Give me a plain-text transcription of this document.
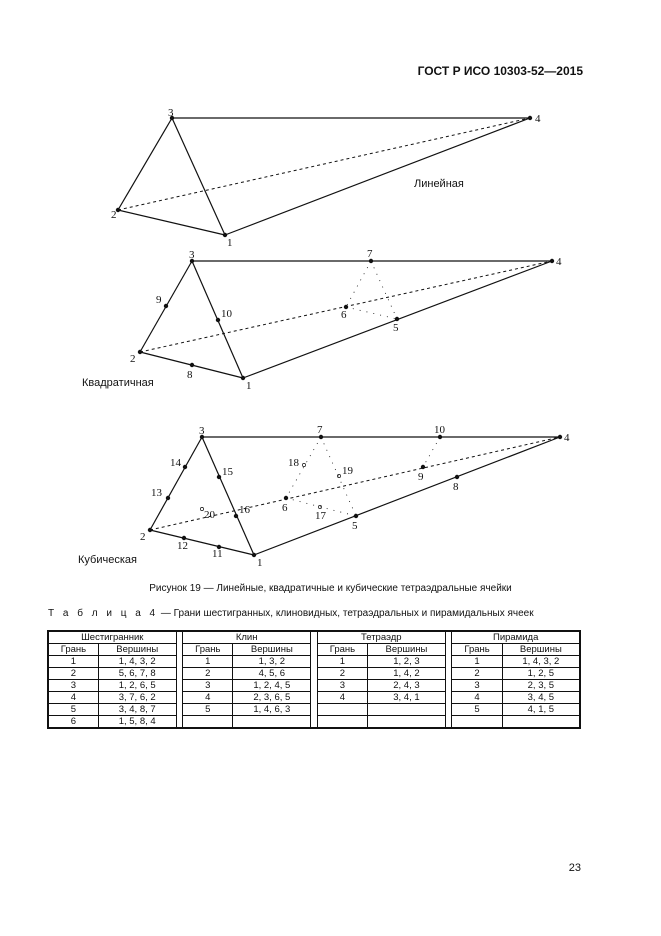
ГОСТ Р ИСО 10303-52—2015
3
2
1
4
Линейная
3
2
1
4
5
6
7
8
9
10
Квадратичная
3
2
1
4
5
6
7
8
9
10
11
12
13
14
15
16	17
18
19
20
Кубическая
Рисунок 19 — Линейные, квадратичные и кубические тетраэдральные ячейки
Т а б л и ц а 4 — Грани шестигранных, клиновидных, тетраэдральных и пирамидальных ячеек
Шестигранник			Клин			Тетраэдр			Пирамида	
Грань	Вершины		Грань	Вершины		Грань	Вершины		Грань	Вершины
1	1, 4, 3, 2		1	1, 3, 2		1	1, 2, 3		1	1, 4, 3, 2
2	5, 6, 7, 8		2	4, 5, 6		2	1, 4, 2		2	1, 2, 5
3	1, 2, 6, 5		3	1, 2, 4, 5		3	2, 4, 3		3	2, 3, 5
4	3, 7, 6, 2		4	2, 3, 6, 5		4	3, 4, 1		4	3, 4, 5
5	3, 4, 8, 7		5	1, 4, 6, 3					5	4, 1, 5
6	1, 5, 8, 4									
23
